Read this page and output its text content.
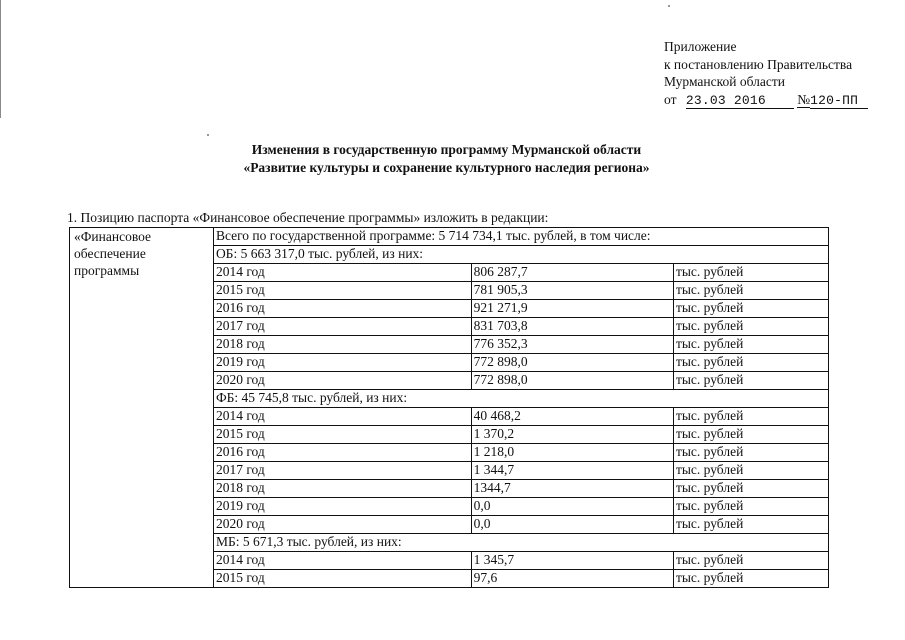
Приложение
к постановлению Правительства
Мурманской области
от 23.03 2016 №120-ПП
Изменения в государственную программу Мурманской области
«Развитие культуры и сохранение культурного наследия региона»
1. Позицию паспорта «Финансовое обеспечение программы» изложить в редакции:
«Финансовое
обеспечение
программы	Всего по государственной программе: 5 714 734,1 тыс. рублей, в том числе:		
	ОБ: 5 663 317,0 тыс. рублей, из них:		
	2014 год	806 287,7	тыс. рублей
	2015 год	781 905,3	тыс. рублей
	2016 год	921 271,9	тыс. рублей
	2017 год	831 703,8	тыс. рублей
	2018 год	776 352,3	тыс. рублей
	2019 год	772 898,0	тыс. рублей
	2020 год	772 898,0	тыс. рублей
	ФБ: 45 745,8 тыс. рублей, из них:		
	2014 год	40 468,2	тыс. рублей
	2015 год	1 370,2	тыс. рублей
	2016 год	1 218,0	тыс. рублей
	2017 год	1 344,7	тыс. рублей
	2018 год	1344,7	тыс. рублей
	2019 год	0,0	тыс. рублей
	2020 год	0,0	тыс. рублей
	МБ: 5 671,3 тыс. рублей, из них:		
	2014 год	1 345,7	тыс. рублей
	2015 год	97,6	тыс. рублей
